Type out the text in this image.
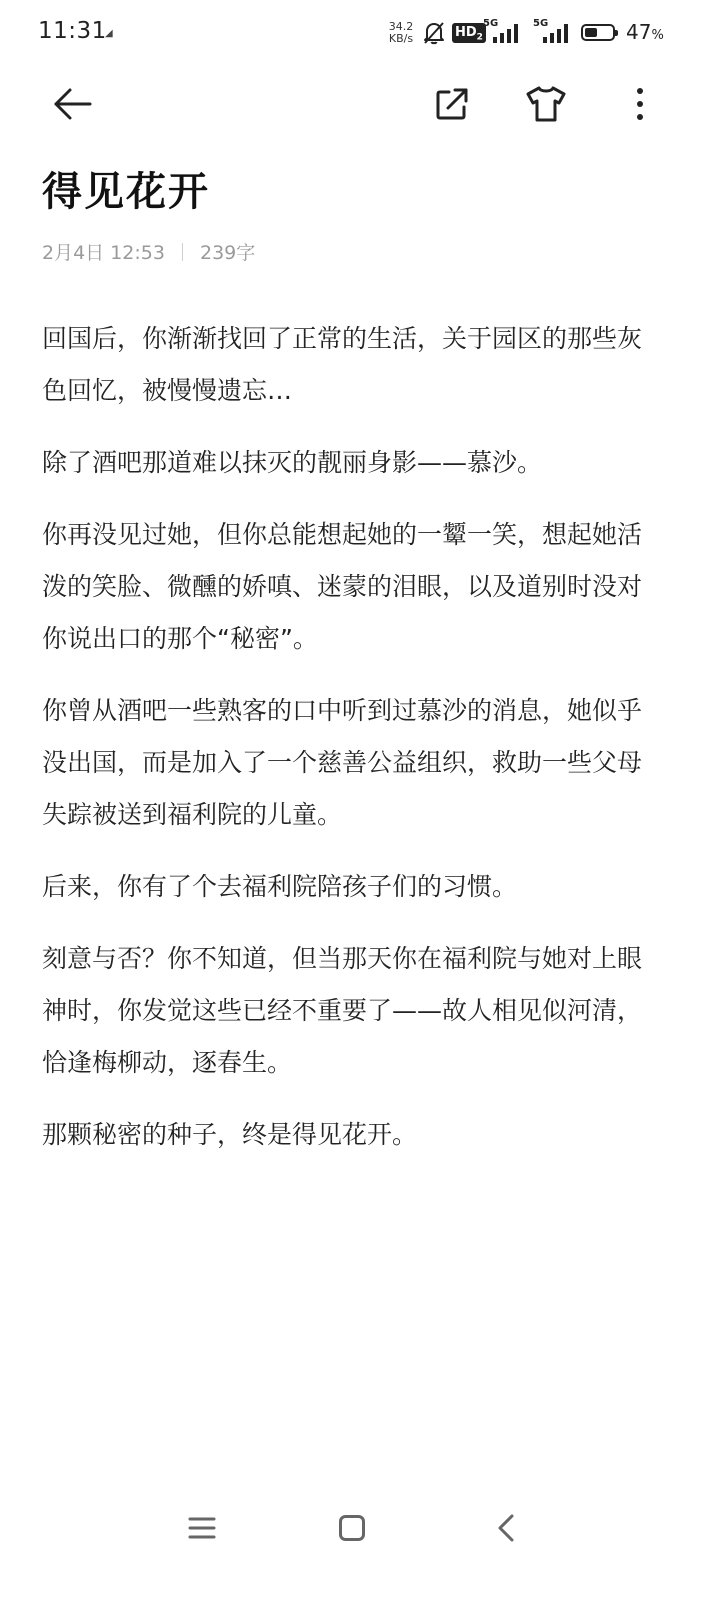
11:31
◢
34.2
KB/s	$HD_2$
5G	5G	47%
得见花开
2月4日 12:53 239字

回国后，你渐渐找回了正常的生活，关于园区的那些灰色回忆，被慢慢遗忘…

除了酒吧那道难以抹灭的靓丽身影——慕沙。

你再没见过她，但你总能想起她的一颦一笑，想起她活泼的笑脸、微醺的娇嗔、迷蒙的泪眼，以及道别时没对你说出口的那个“秘密”。

你曾从酒吧一些熟客的口中听到过慕沙的消息，她似乎没出国，而是加入了一个慈善公益组织，救助一些父母失踪被送到福利院的儿童。

后来，你有了个去福利院陪孩子们的习惯。

刻意与否？你不知道，但当那天你在福利院与她对上眼神时，你发觉这些已经不重要了——故人相见似河清，恰逢梅柳动，逐春生。

那颗秘密的种子，终是得见花开。
